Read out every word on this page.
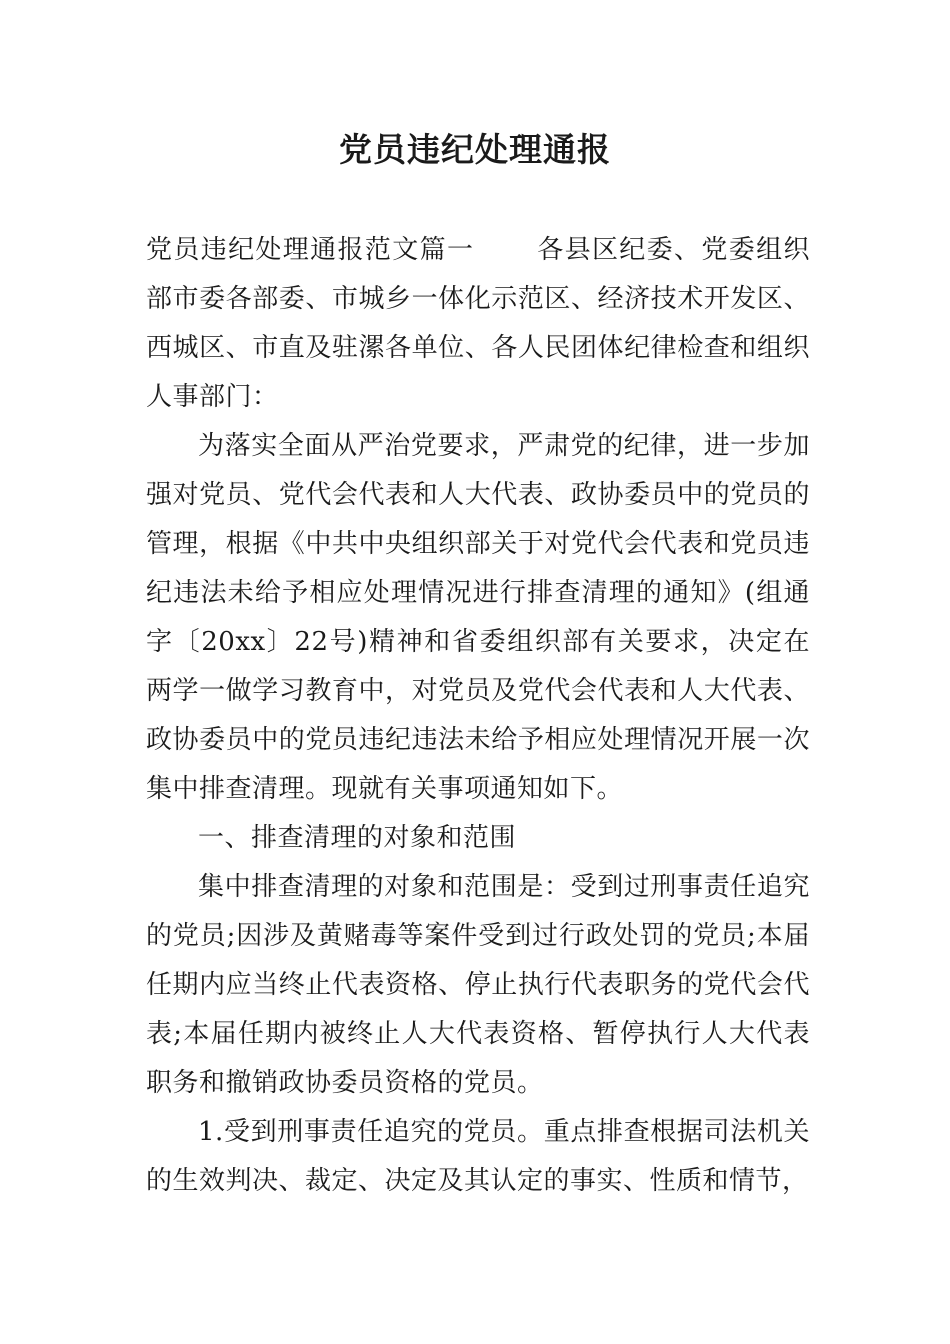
党员违纪处理通报

党员违纪处理通报范文篇一 各县区纪委、党委组织部市委各部委、市城乡一体化示范区、经济技术开发区、西城区、市直及驻漯各单位、各人民团体纪律检查和组织人事部门：

为落实全面从严治党要求，严肃党的纪律，进一步加强对党员、党代会代表和人大代表、政协委员中的党员的管理，根据《中共中央组织部关于对党代会代表和党员违纪违法未给予相应处理情况进行排查清理的通知》(组通字〔20xx〕22号)精神和省委组织部有关要求，决定在两学一做学习教育中，对党员及党代会代表和人大代表、政协委员中的党员违纪违法未给予相应处理情况开展一次集中排查清理。现就有关事项通知如下。

一、排查清理的对象和范围

集中排查清理的对象和范围是：受到过刑事责任追究的党员;因涉及黄赌毒等案件受到过行政处罚的党员;本届任期内应当终止代表资格、停止执行代表职务的党代会代表;本届任期内被终止人大代表资格、暂停执行人大代表职务和撤销政协委员资格的党员。

1.受到刑事责任追究的党员。重点排查根据司法机关的生效判决、裁定、决定及其认定的事实、性质和情节，
